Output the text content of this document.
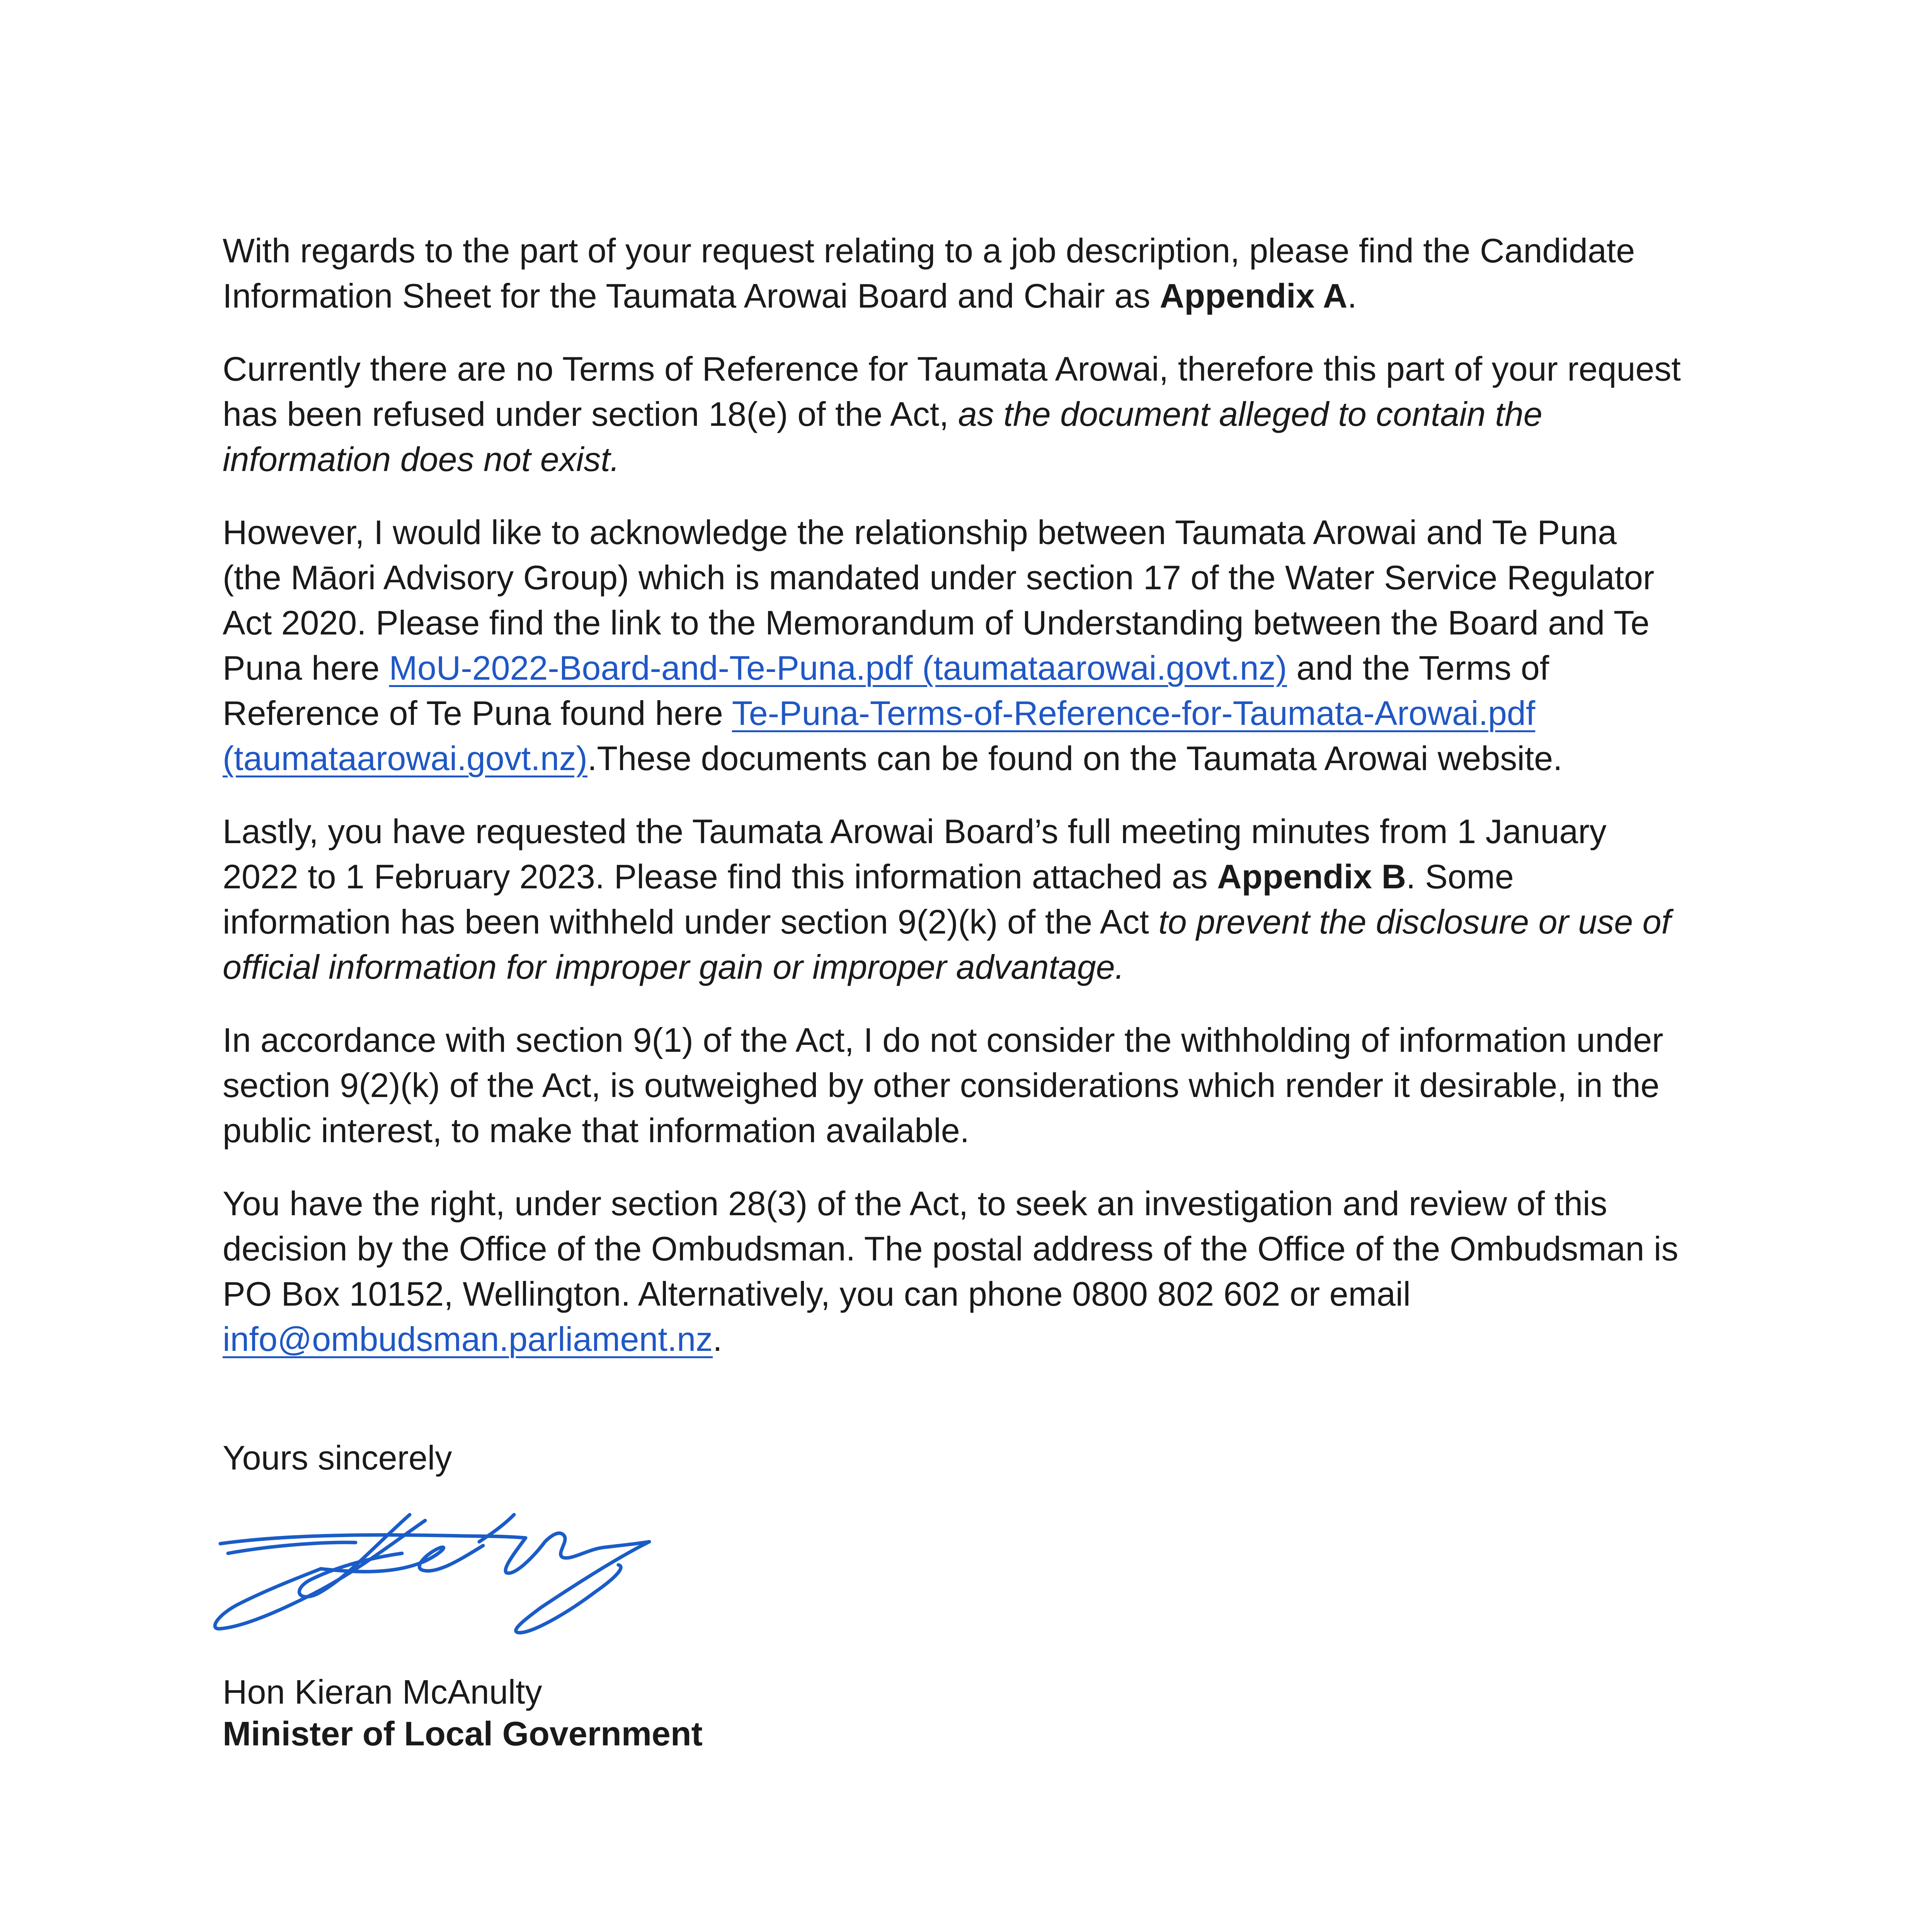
With regards to the part of your request relating to a job description, please find the Candidate Information Sheet for the Taumata Arowai Board and Chair as Appendix A.

Currently there are no Terms of Reference for Taumata Arowai, therefore this part of your request has been refused under section 18(e) of the Act, as the document alleged to contain the information does not exist.

However, I would like to acknowledge the relationship between Taumata Arowai and Te Puna (the Māori Advisory Group) which is mandated under section 17 of the Water Service Regulator Act 2020. Please find the link to the Memorandum of Understanding between the Board and Te Puna here MoU-2022-Board-and-Te-Puna.pdf (taumataarowai.govt.nz) and the Terms of Reference of Te Puna found here Te-Puna-Terms-of-Reference-for-Taumata-Arowai.pdf (taumataarowai.govt.nz).These documents can be found on the Taumata Arowai website.

Lastly, you have requested the Taumata Arowai Board’s full meeting minutes from 1 January 2022 to 1 February 2023. Please find this information attached as Appendix B. Some information has been withheld under section 9(2)(k) of the Act to prevent the disclosure or use of official information for improper gain or improper advantage.

In accordance with section 9(1) of the Act, I do not consider the withholding of information under section 9(2)(k) of the Act, is outweighed by other considerations which render it desirable, in the public interest, to make that information available.

You have the right, under section 28(3) of the Act, to seek an investigation and review of this decision by the Office of the Ombudsman. The postal address of the Office of the Ombudsman is PO Box 10152, Wellington. Alternatively, you can phone 0800 802 602 or email info@ombudsman.parliament.nz.

Yours sincerely

Hon Kieran McAnulty
Minister of Local Government
